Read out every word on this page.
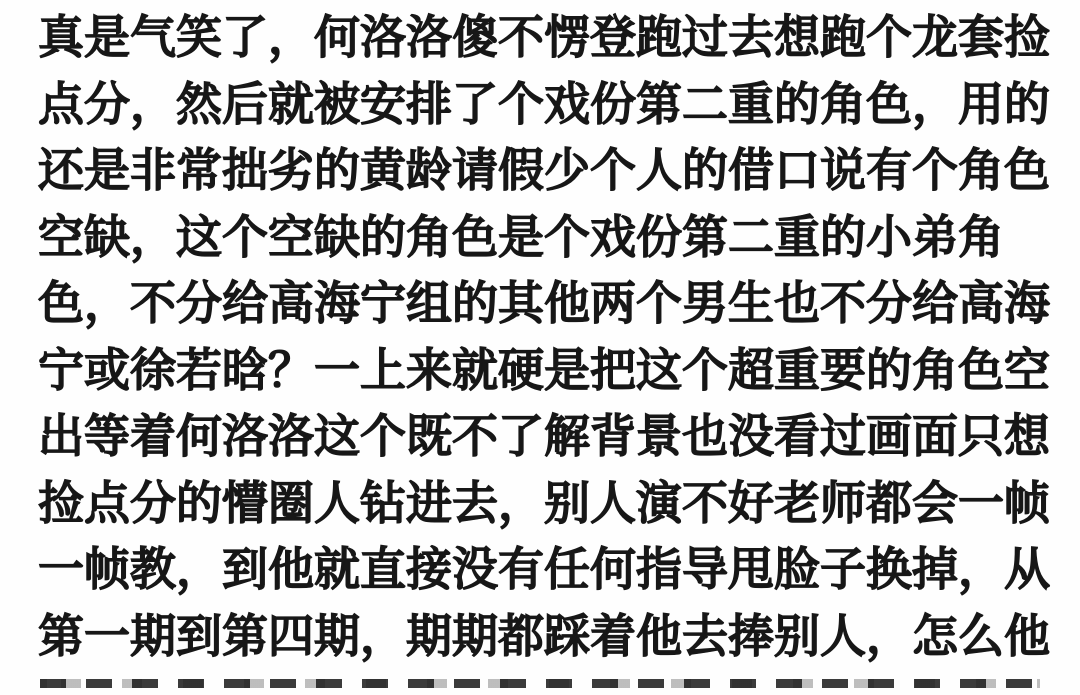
真是气笑了，何洛洛傻不愣登跑过去想跑个龙套捡
点分，然后就被安排了个戏份第二重的角色，用的
还是非常拙劣的黄龄请假少个人的借口说有个角色
空缺，这个空缺的角色是个戏份第二重的小弟角
色，不分给高海宁组的其他两个男生也不分给高海
宁或徐若晗？一上来就硬是把这个超重要的角色空
出等着何洛洛这个既不了解背景也没看过画面只想
捡点分的懵圈人钻进去，别人演不好老师都会一帧
一帧教，到他就直接没有任何指导甩脸子换掉，从
第一期到第四期，期期都踩着他去捧别人，怎么他
